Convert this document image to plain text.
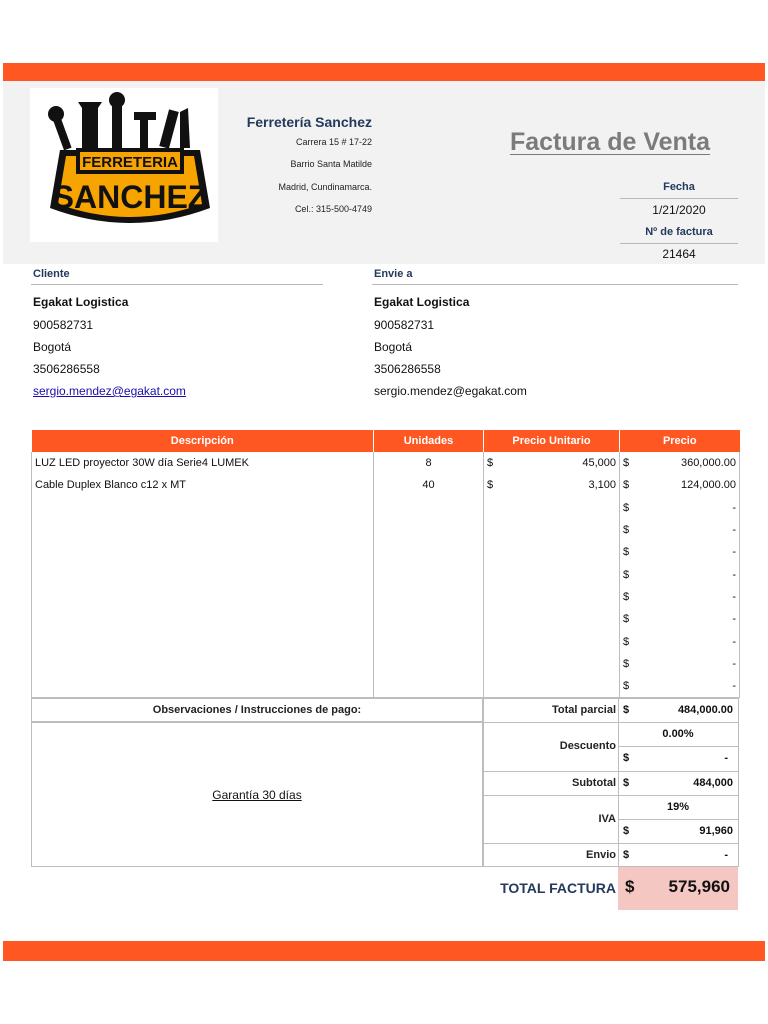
FERRETERIA
SANCHEZ
Ferretería Sanchez
Carrera 15 # 17-22
Barrio Santa Matilde
Madrid, Cundinamarca.
Cel.: 315-500-4749
Factura de Venta
Fecha
1/21/2020
Nº de factura
21464
Cliente
Egakat Logistica
900582731
Bogotá
3506286558
sergio.mendez@egakat.com
Envie a
Egakat Logistica
900582731
Bogotá
3506286558
sergio.mendez@egakat.com
Descripción	Unidades	Precio Unitario		Precio	
LUZ LED proyector 30W día Serie4 LUMEK	8	$	45,000	$	360,000.00
Cable Duplex Blanco c12 x MT	40	$	3,100	$	124,000.00
				$	-
				$	-
				$	-
				$	-
				$	-
				$	-
				$	-
				$	-
				$	-
Observaciones / Instrucciones de pago:
Garantía 30 días
Total parcial $	484,000.00
Descuento
0.00%
$	-
Subtotal $	484,000
IVA
19%
$	91,960
Envio $	-
TOTAL FACTURA $ 575,960
